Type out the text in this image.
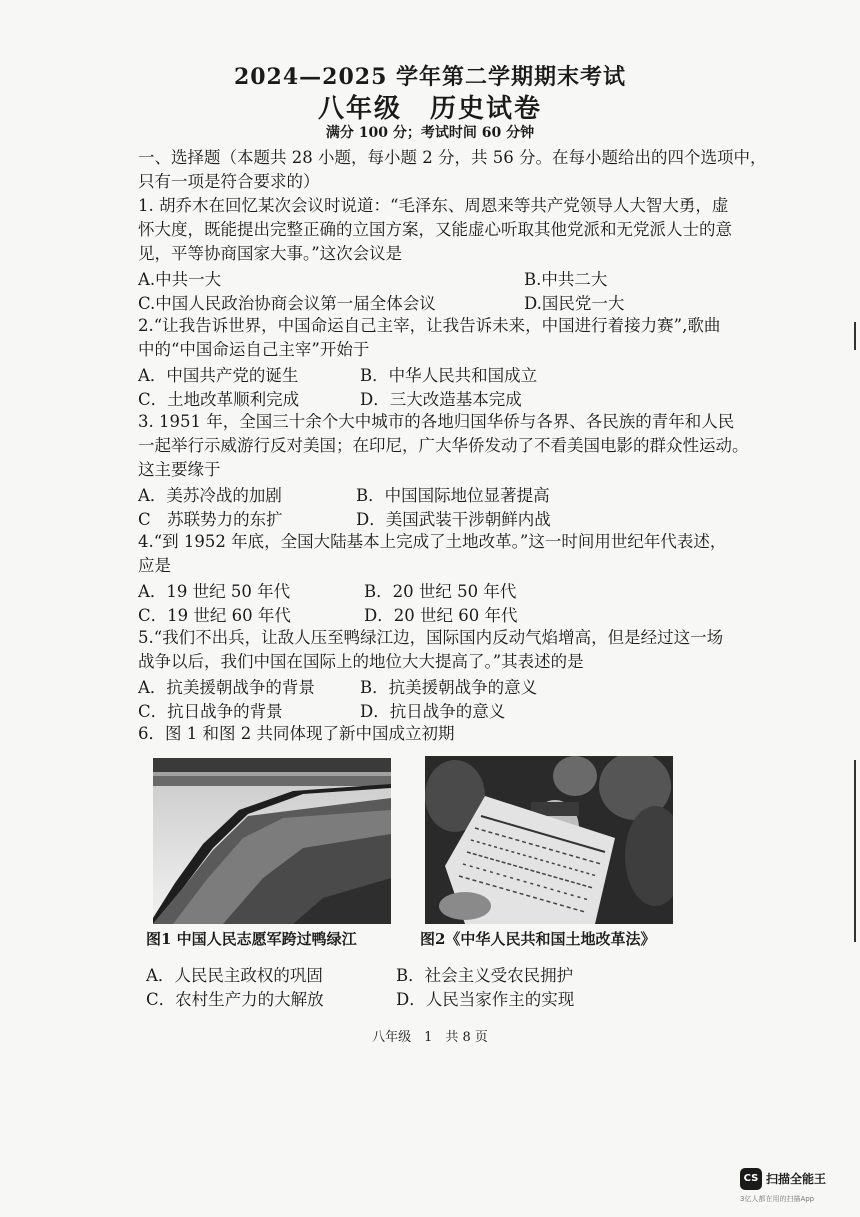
2024—2025 学年第二学期期末考试
八年级　历史试卷
满分 100 分；考试时间 60 分钟
一、选择题（本题共 28 小题，每小题 2 分，共 56 分。在每小题给出的四个选项中，
只有一项是符合要求的）
1. 胡乔木在回忆某次会议时说道：“毛泽东、周恩来等共产党领导人大智大勇，虚
怀大度，既能提出完整正确的立国方案，又能虚心听取其他党派和无党派人士的意
见，平等协商国家大事。”这次会议是
A.中共一大	B.中共二大
C.中国人民政治协商会议第一届全体会议	D.国民党一大
2.“让我告诉世界，中国命运自己主宰，让我告诉未来，中国进行着接力赛”,歌曲
中的“中国命运自己主宰”开始于
A．中国共产党的诞生	B．中华人民共和国成立
C．土地改革顺利完成	D．三大改造基本完成
3. 1951 年，全国三十余个大中城市的各地归国华侨与各界、各民族的青年和人民
一起举行示威游行反对美国；在印尼，广大华侨发动了不看美国电影的群众性运动。
这主要缘于
A．美苏冷战的加剧	B．中国国际地位显著提高
C　苏联势力的东扩	D．美国武装干涉朝鲜内战
4.“到 1952 年底，全国大陆基本上完成了土地改革。”这一时间用世纪年代表述，
应是
A．19 世纪 50 年代	B．20 世纪 50 年代
C．19 世纪 60 年代	D．20 世纪 60 年代
5.“我们不出兵，让敌人压至鸭绿江边，国际国内反动气焰增高，但是经过这一场
战争以后，我们中国在国际上的地位大大提高了。”其表述的是
A．抗美援朝战争的背景	B．抗美援朝战争的意义
C．抗日战争的背景	D．抗日战争的意义
6．图 1 和图 2 共同体现了新中国成立初期
图1 中国人民志愿军跨过鸭绿江	图2《中华人民共和国土地改革法》
A．人民民主政权的巩固	B．社会主义受农民拥护
C．农村生产力的大解放	D．人民当家作主的实现
八年级　1　共 8 页
CS 扫描全能王
3亿人都在用的扫描App
